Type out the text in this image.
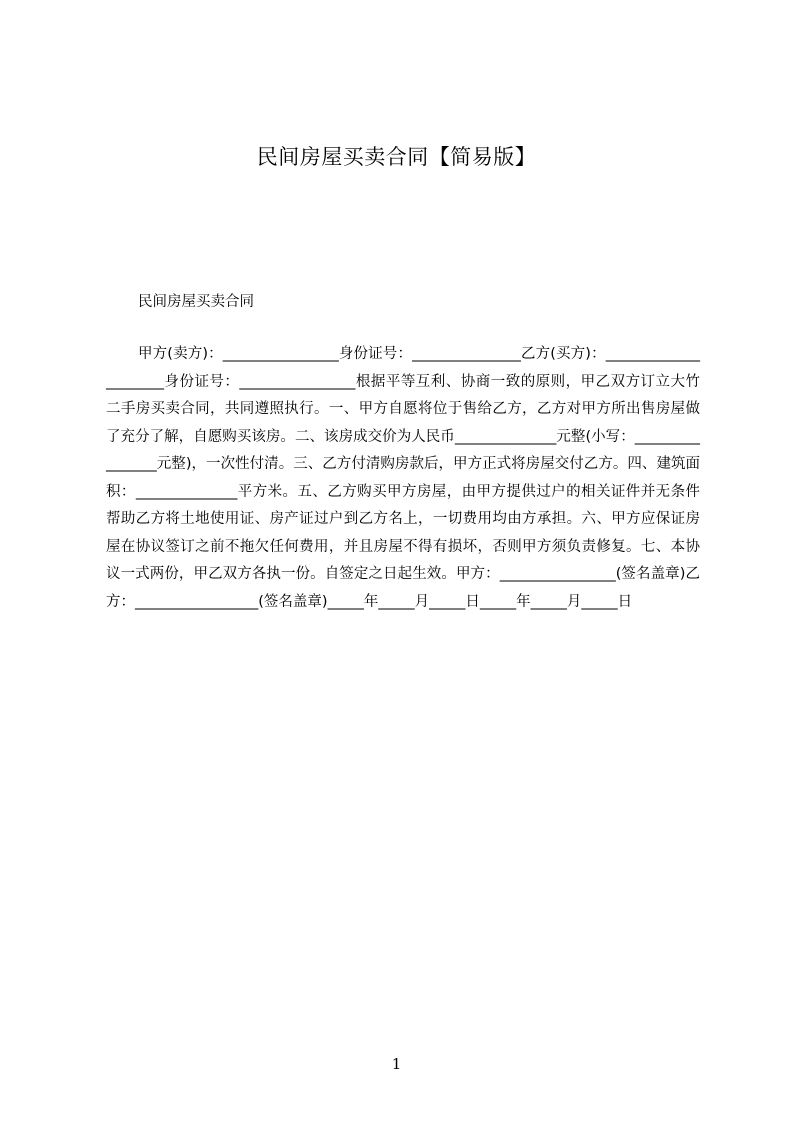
民间房屋买卖合同【简易版】
民间房屋买卖合同

甲方(卖方)：________________身份证号：_______________乙方(买方)：_____________________身份证号：________________根据平等互利、协商一致的原则，甲乙双方订立大竹二手房买卖合同，共同遵照执行。一、甲方自愿将位于售给乙方，乙方对甲方所出售房屋做了充分了解，自愿购买该房。二、该房成交价为人民币______________元整(小写：________________元整)，一次性付清。三、乙方付清购房款后，甲方正式将房屋交付乙方。四、建筑面积：______________平方米。五、乙方购买甲方房屋，由甲方提供过户的相关证件并无条件帮助乙方将土地使用证、房产证过户到乙方名上，一切费用均由方承担。六、甲方应保证房屋在协议签订之前不拖欠任何费用，并且房屋不得有损坏，否则甲方须负责修复。七、本协议一式两份，甲乙双方各执一份。自签定之日起生效。甲方：________________(签名盖章)乙方：_________________(签名盖章)_____年_____月_____日_____年_____月_____日

1
